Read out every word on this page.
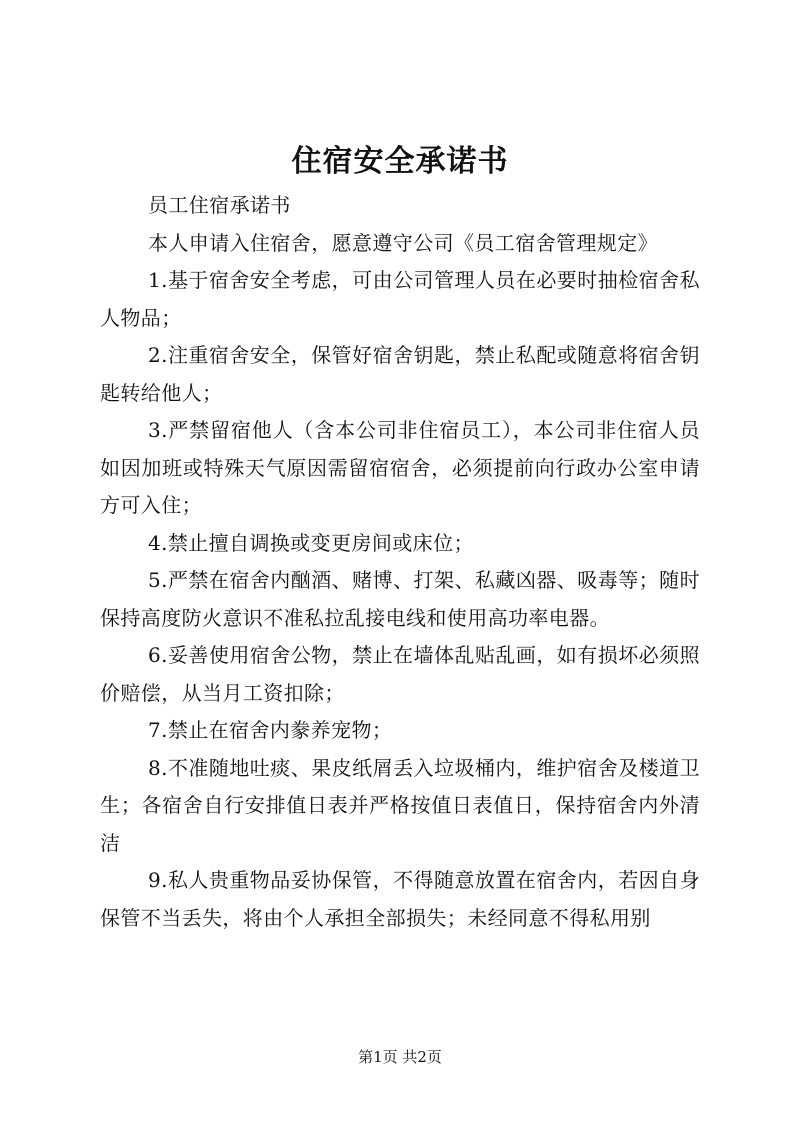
住宿安全承诺书

员工住宿承诺书

本人申请入住宿舍，愿意遵守公司《员工宿舍管理规定》

1.基于宿舍安全考虑，可由公司管理人员在必要时抽检宿舍私人物品；

2.注重宿舍安全，保管好宿舍钥匙，禁止私配或随意将宿舍钥匙转给他人；

3.严禁留宿他人（含本公司非住宿员工），本公司非住宿人员如因加班或特殊天气原因需留宿宿舍，必须提前向行政办公室申请方可入住；

4.禁止擅自调换或变更房间或床位；

5.严禁在宿舍内酗酒、赌博、打架、私藏凶器、吸毒等；随时保持高度防火意识不准私拉乱接电线和使用高功率电器。

6.妥善使用宿舍公物，禁止在墙体乱贴乱画，如有损坏必须照价赔偿，从当月工资扣除；

7.禁止在宿舍内豢养宠物；

8.不准随地吐痰、果皮纸屑丢入垃圾桶内，维护宿舍及楼道卫生；各宿舍自行安排值日表并严格按值日表值日，保持宿舍内外清洁

9.私人贵重物品妥协保管，不得随意放置在宿舍内，若因自身保管不当丢失，将由个人承担全部损失；未经同意不得私用别

第1页 共2页
